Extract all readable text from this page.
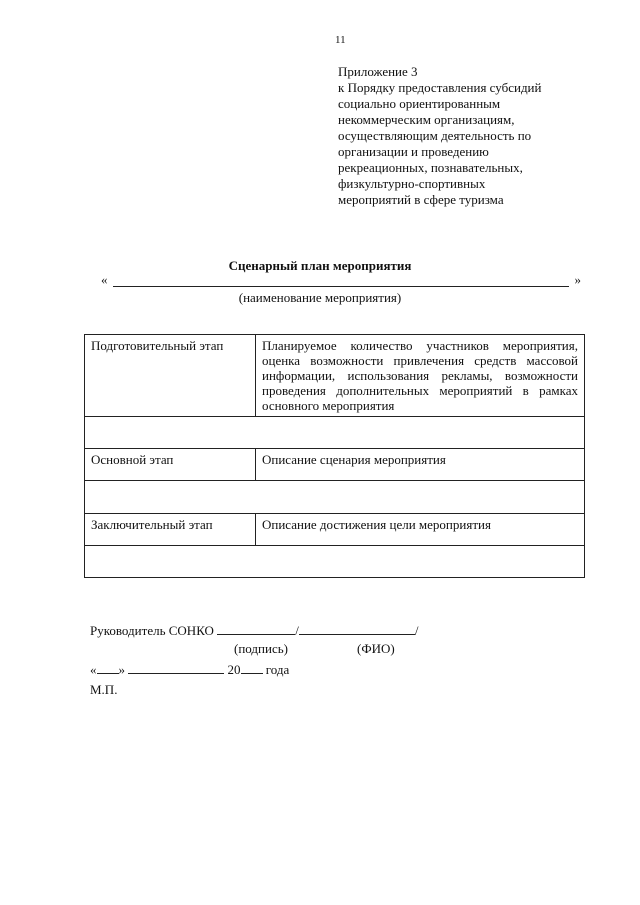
11
Приложение 3
к Порядку предоставления субсидий
социально ориентированным
некоммерческим организациям,
осуществляющим деятельность по
организации и проведению
рекреационных, познавательных,
физкультурно-спортивных
мероприятий в сфере туризма
Сценарный план мероприятия
«	»
(наименование мероприятия)
Подготовительный этап	Планируемое количество участников мероприятия, оценка возможности привлечения средств массовой информации, использования рекламы, возможности проведения дополнительных мероприятий в рамках основного мероприятия

Основной этап	Описание сценария мероприятия

Заключительный этап	Описание достижения цели мероприятия

Руководитель СОНКО	/	/
(подпись)	(ФИО)
« »	20 года
М.П.
